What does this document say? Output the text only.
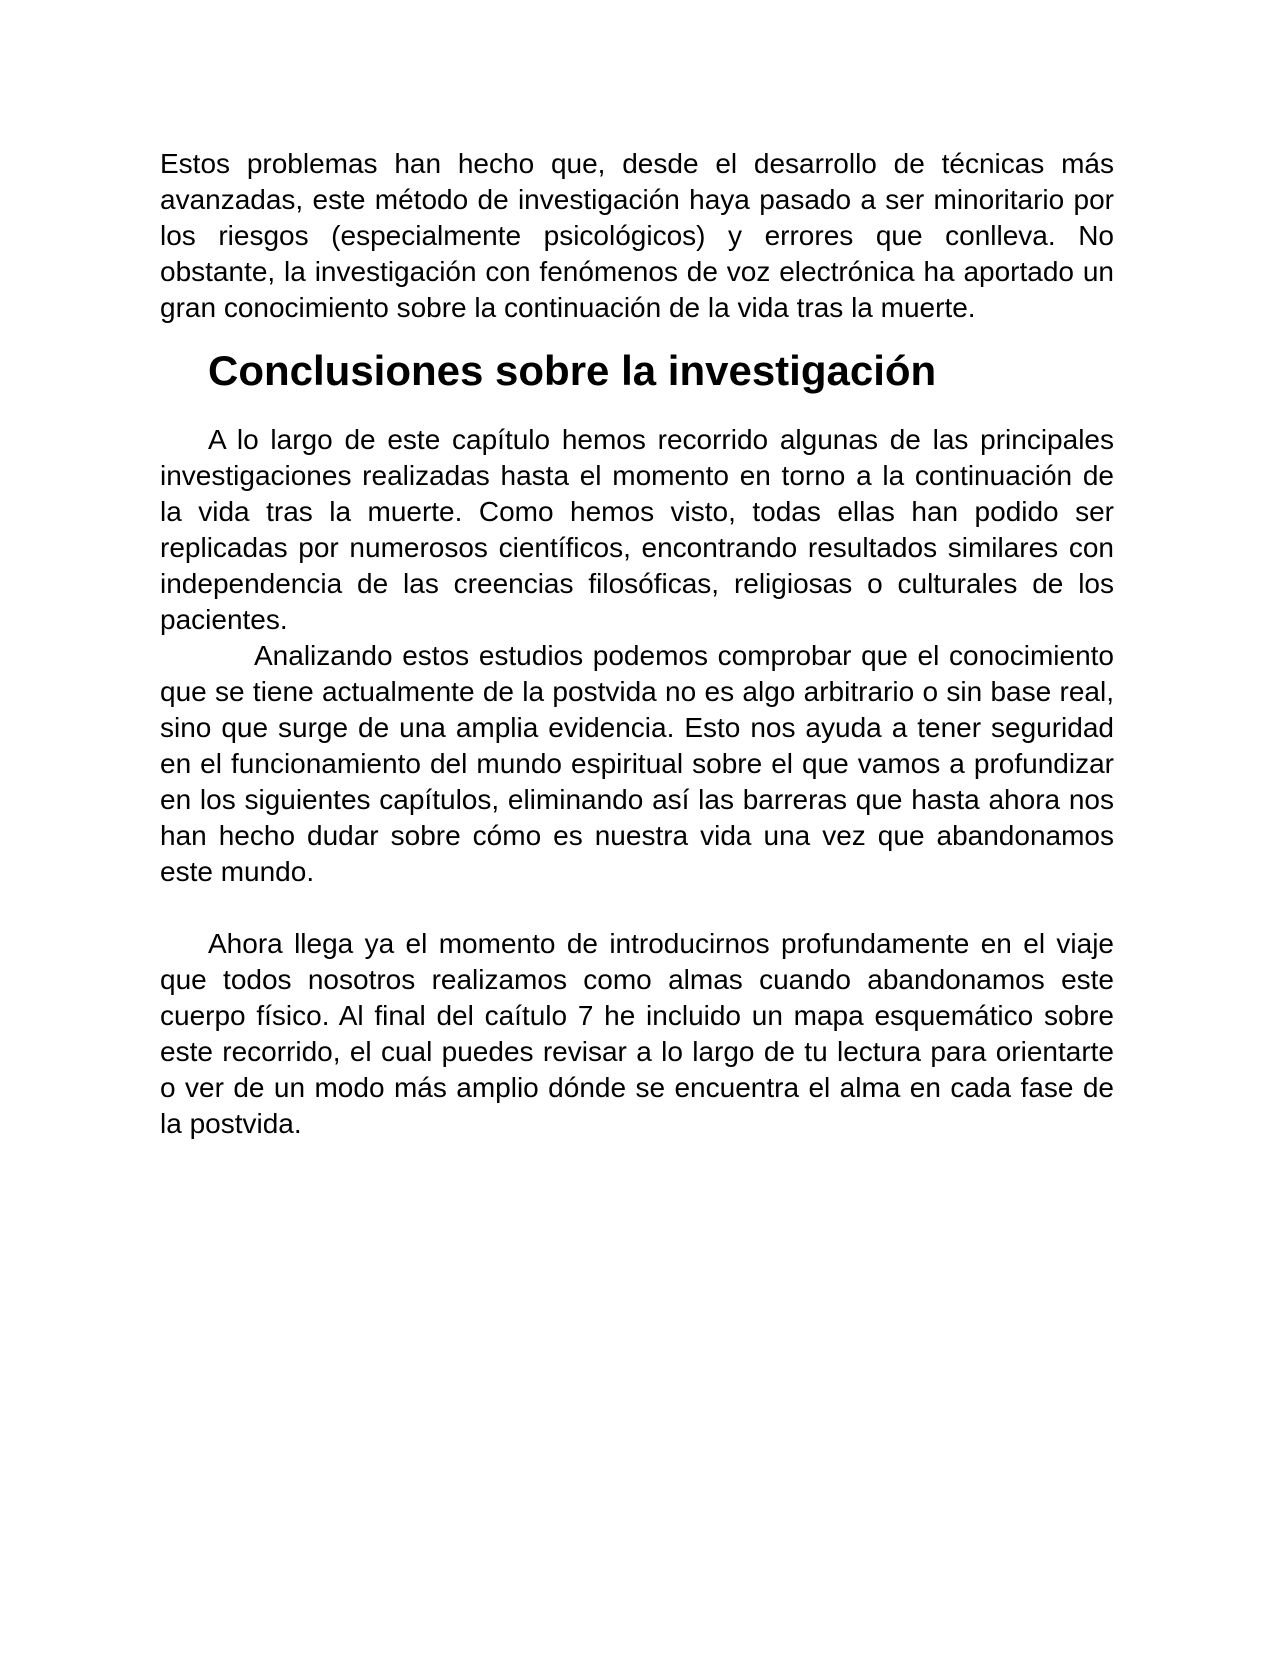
Estos problemas han hecho que, desde el desarrollo de técnicas más avanzadas, este método de investigación haya pasado a ser minoritario por los riesgos (especialmente psicológicos) y errores que conlleva. No obstante, la investigación con fenómenos de voz electrónica ha aportado un gran conocimiento sobre la continuación de la vida tras la muerte.

Conclusiones sobre la investigación

A lo largo de este capítulo hemos recorrido algunas de las principales investigaciones realizadas hasta el momento en torno a la continuación de la vida tras la muerte. Como hemos visto, todas ellas han podido ser replicadas por numerosos científicos, encontrando resultados similares con independencia de las creencias filosóficas, religiosas o culturales de los pacientes.

Analizando estos estudios podemos comprobar que el conocimiento que se tiene actualmente de la postvida no es algo arbitrario o sin base real, sino que surge de una amplia evidencia. Esto nos ayuda a tener seguridad en el funcionamiento del mundo espiritual sobre el que vamos a profundizar en los siguientes capítulos, eliminando así las barreras que hasta ahora nos han hecho dudar sobre cómo es nuestra vida una vez que abandonamos este mundo.

Ahora llega ya el momento de introducirnos profundamente en el viaje que todos nosotros realizamos como almas cuando abandonamos este cuerpo físico. Al final del caítulo 7 he incluido un mapa esquemático sobre este recorrido, el cual puedes revisar a lo largo de tu lectura para orientarte o ver de un modo más amplio dónde se encuentra el alma en cada fase de la postvida.
